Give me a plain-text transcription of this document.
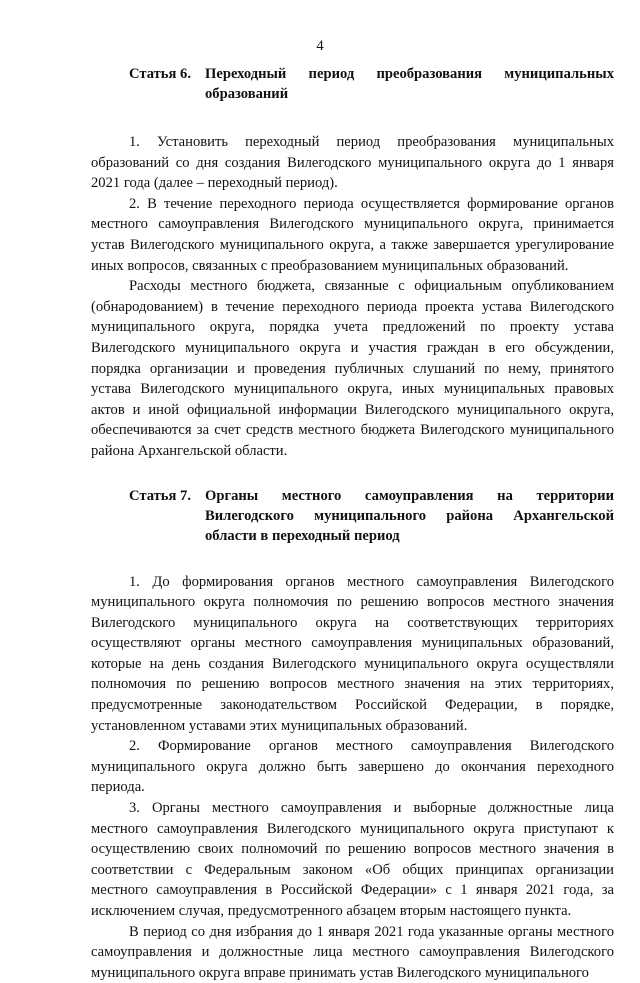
4
Статья 6. Переходный период преобразования муниципальных образований

1. Установить переходный период преобразования муниципальных образований со дня создания Вилегодского муниципального округа до 1 января 2021 года (далее – переходный период).

2. В течение переходного периода осуществляется формирование органов местного самоуправления Вилегодского муниципального округа, принимается устав Вилегодского муниципального округа, а также завершается урегулирование иных вопросов, связанных с преобразованием муниципальных образований.

Расходы местного бюджета, связанные с официальным опубликованием (обнародованием) в течение переходного периода проекта устава Вилегодского муниципального округа, порядка учета предложений по проекту устава Вилегодского муниципального округа и участия граждан в его обсуждении, порядка организации и проведения публичных слушаний по нему, принятого устава Вилегодского муниципального округа, иных муниципальных правовых актов и иной официальной информации Вилегодского муниципального округа, обеспечиваются за счет средств местного бюджета Вилегодского муниципального района Архангельской области.

Статья 7. Органы местного самоуправления на территории Вилегодского муниципального района Архангельской области в переходный период

1. До формирования органов местного самоуправления Вилегодского муниципального округа полномочия по решению вопросов местного значения Вилегодского муниципального округа на соответствующих территориях осуществляют органы местного самоуправления муниципальных образований, которые на день создания Вилегодского муниципального округа осуществляли полномочия по решению вопросов местного значения на этих территориях, предусмотренные законодательством Российской Федерации, в порядке, установленном уставами этих муниципальных образований.

2. Формирование органов местного самоуправления Вилегодского муниципального округа должно быть завершено до окончания переходного периода.

3. Органы местного самоуправления и выборные должностные лица местного самоуправления Вилегодского муниципального округа приступают к осуществлению своих полномочий по решению вопросов местного значения в соответствии с Федеральным законом «Об общих принципах организации местного самоуправления в Российской Федерации» с 1 января 2021 года, за исключением случая, предусмотренного абзацем вторым настоящего пункта.

В период со дня избрания до 1 января 2021 года указанные органы местного самоуправления и должностные лица местного самоуправления Вилегодского муниципального округа вправе принимать устав Вилегодского муниципального
